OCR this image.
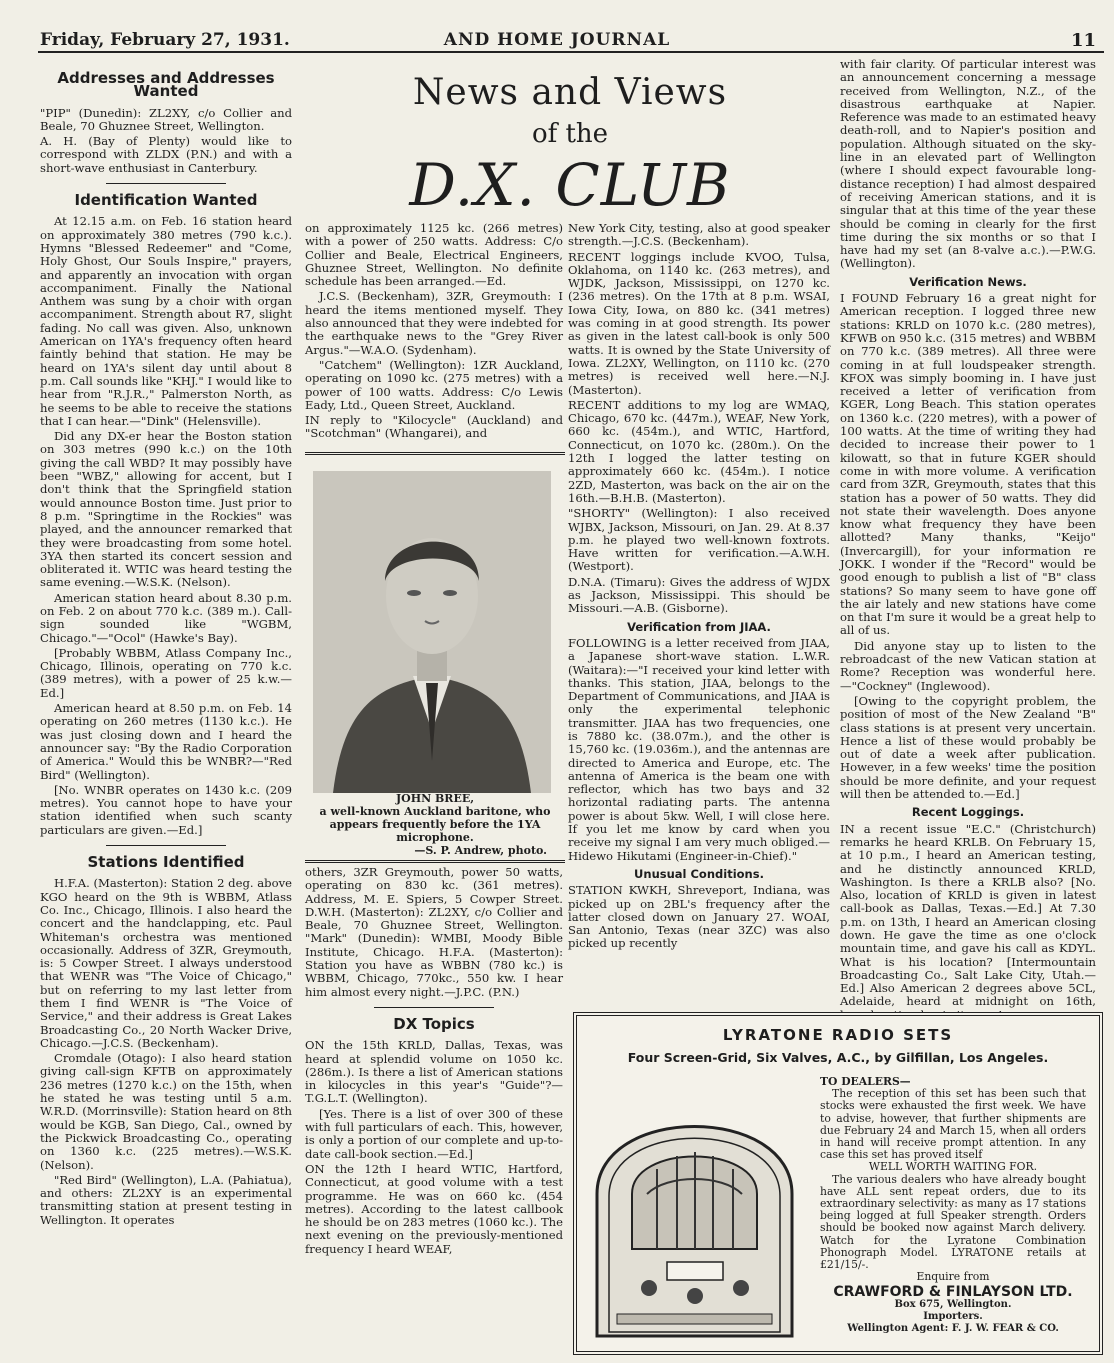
Friday, February 27, 1931.	AND HOME JOURNAL	11
Addresses and Addresses Wanted

"PIP" (Dunedin): ZL2XY, c/o Collier and Beale, 70 Ghuznee Street, Wellington.

A. H. (Bay of Plenty) would like to correspond with ZLDX (P.N.) and with a short-wave enthusiast in Canterbury.

Identification Wanted

At 12.15 a.m. on Feb. 16 station heard on approximately 380 metres (790 k.c.). Hymns "Blessed Redeemer" and "Come, Holy Ghost, Our Souls Inspire," prayers, and apparently an invocation with organ accompaniment. Finally the National Anthem was sung by a choir with organ accompaniment. Strength about R7, slight fading. No call was given. Also, unknown American on 1YA's frequency often heard faintly behind that station. He may be heard on 1YA's silent day until about 8 p.m. Call sounds like "KHJ." I would like to hear from "R.J.R.," Palmerston North, as he seems to be able to receive the stations that I can hear.—"Dink" (Helensville).

Did any DX-er hear the Boston station on 303 metres (990 k.c.) on the 10th giving the call WBD? It may possibly have been "WBZ," allowing for accent, but I don't think that the Springfield station would announce Boston time. Just prior to 8 p.m. "Springtime in the Rockies" was played, and the announcer remarked that they were broadcasting from some hotel. 3YA then started its concert session and obliterated it. WTIC was heard testing the same evening.—W.S.K. (Nelson).

American station heard about 8.30 p.m. on Feb. 2 on about 770 k.c. (389 m.). Call-sign sounded like "WGBM, Chicago."—"Ocol" (Hawke's Bay).

[Probably WBBM, Atlass Company Inc., Chicago, Illinois, operating on 770 k.c. (389 metres), with a power of 25 k.w.—Ed.]

American heard at 8.50 p.m. on Feb. 14 operating on 260 metres (1130 k.c.). He was just closing down and I heard the announcer say: "By the Radio Corporation of America." Would this be WNBR?—"Red Bird" (Wellington).

[No. WNBR operates on 1430 k.c. (209 metres). You cannot hope to have your station identified when such scanty particulars are given.—Ed.]

Stations Identified

H.F.A. (Masterton): Station 2 deg. above KGO heard on the 9th is WBBM, Atlass Co. Inc., Chicago, Illinois. I also heard the concert and the handclapping, etc. Paul Whiteman's orchestra was mentioned occasionally. Address of 3ZR, Greymouth, is: 5 Cowper Street. I always understood that WENR was "The Voice of Chicago," but on referring to my last letter from them I find WENR is "The Voice of Service," and their address is Great Lakes Broadcasting Co., 20 North Wacker Drive, Chicago.—J.C.S. (Beckenham).

Cromdale (Otago): I also heard station giving call-sign KFTB on approximately 236 metres (1270 k.c.) on the 15th, when he stated he was testing until 5 a.m. W.R.D. (Morrinsville): Station heard on 8th would be KGB, San Diego, Cal., owned by the Pickwick Broadcasting Co., operating on 1360 k.c. (225 metres).—W.S.K. (Nelson).

"Red Bird" (Wellington), L.A. (Pahiatua), and others: ZL2XY is an experimental transmitting station at present testing in Wellington. It operates

News and Views
of the
D.X. CLUB

on approximately 1125 kc. (266 metres) with a power of 250 watts. Address: C/o Collier and Beale, Electrical Engineers, Ghuznee Street, Wellington. No definite schedule has been arranged.—Ed.

J.C.S. (Beckenham), 3ZR, Greymouth: I heard the items mentioned myself. They also announced that they were indebted for the earthquake news to the "Grey River Argus."—W.A.O. (Sydenham).

"Catchem" (Wellington): 1ZR Auckland, operating on 1090 kc. (275 metres) with a power of 100 watts. Address: C/o Lewis Eady, Ltd., Queen Street, Auckland.

IN reply to "Kilocycle" (Auckland) and "Scotchman" (Whangarei), and

JOHN BREE,
a well-known Auckland baritone, who appears frequently before the 1YA microphone.
—S. P. Andrew, photo.

others, 3ZR Greymouth, power 50 watts, operating on 830 kc. (361 metres). Address, M. E. Spiers, 5 Cowper Street. D.W.H. (Masterton): ZL2XY, c/o Collier and Beale, 70 Ghuznee Street, Wellington. "Mark" (Dunedin): WMBI, Moody Bible Institute, Chicago. H.F.A. (Masterton): Station you have as WBBN (780 kc.) is WBBM, Chicago, 770kc., 550 kw. I hear him almost every night.—J.P.C. (P.N.)

DX Topics

ON the 15th KRLD, Dallas, Texas, was heard at splendid volume on 1050 kc. (286m.). Is there a list of American stations in kilocycles in this year's "Guide"?—T.G.L.T. (Wellington).

[Yes. There is a list of over 300 of these with full particulars of each. This, however, is only a portion of our complete and up-to-date call-book section.—Ed.]

ON the 12th I heard WTIC, Hartford, Connecticut, at good volume with a test programme. He was on 660 kc. (454 metres). According to the latest callbook he should be on 283 metres (1060 kc.). The next evening on the previously-mentioned frequency I heard WEAF,

New York City, testing, also at good speaker strength.—J.C.S. (Beckenham).

RECENT loggings include KVOO, Tulsa, Oklahoma, on 1140 kc. (263 metres), and WJDK, Jackson, Mississippi, on 1270 kc. (236 metres). On the 17th at 8 p.m. WSAI, Iowa City, Iowa, on 880 kc. (341 metres) was coming in at good strength. Its power as given in the latest call-book is only 500 watts. It is owned by the State University of Iowa. ZL2XY, Wellington, on 1110 kc. (270 metres) is received well here.—N.J. (Masterton).

RECENT additions to my log are WMAQ, Chicago, 670 kc. (447m.), WEAF, New York, 660 kc. (454m.), and WTIC, Hartford, Connecticut, on 1070 kc. (280m.). On the 12th I logged the latter testing on approximately 660 kc. (454m.). I notice 2ZD, Masterton, was back on the air on the 16th.—B.H.B. (Masterton).

"SHORTY" (Wellington): I also received WJBX, Jackson, Missouri, on Jan. 29. At 8.37 p.m. he played two well-known foxtrots. Have written for verification.—A.W.H. (Westport).

D.N.A. (Timaru): Gives the address of WJDX as Jackson, Mississippi. This should be Missouri.—A.B. (Gisborne).

Verification from JIAA.

FOLLOWING is a letter received from JIAA, a Japanese short-wave station. L.W.R. (Waitara):—"I received your kind letter with thanks. This station, JIAA, belongs to the Department of Communications, and JIAA is only the experimental telephonic transmitter. JIAA has two frequencies, one is 7880 kc. (38.07m.), and the other is 15,760 kc. (19.036m.), and the antennas are directed to America and Europe, etc. The antenna of America is the beam one with reflector, which has two bays and 32 horizontal radiating parts. The antenna power is about 5kw. Well, I will close here. If you let me know by card when you receive my signal I am very much obliged.—Hidewo Hikutami (Engineer-in-Chief)."

Unusual Conditions.

STATION KWKH, Shreveport, Indiana, was picked up on 2BL's frequency after the latter closed down on January 27. WOAI, San Antonio, Texas (near 3ZC) was also picked up recently

with fair clarity. Of particular interest was an announcement concerning a message received from Wellington, N.Z., of the disastrous earthquake at Napier. Reference was made to an estimated heavy death-roll, and to Napier's position and population. Although situated on the sky-line in an elevated part of Wellington (where I should expect favourable long-distance reception) I had almost despaired of receiving American stations, and it is singular that at this time of the year these should be coming in clearly for the first time during the six months or so that I have had my set (an 8-valve a.c.).—P.W.G. (Wellington).

Verification News.

I FOUND February 16 a great night for American reception. I logged three new stations: KRLD on 1070 k.c. (280 metres), KFWB on 950 k.c. (315 metres) and WBBM on 770 k.c. (389 metres). All three were coming in at full loudspeaker strength. KFOX was simply booming in. I have just received a letter of verification from KGER, Long Beach. This station operates on 1360 k.c. (220 metres), with a power of 100 watts. At the time of writing they had decided to increase their power to 1 kilowatt, so that in future KGER should come in with more volume. A verification card from 3ZR, Greymouth, states that this station has a power of 50 watts. They did not state their wavelength. Does anyone know what frequency they have been allotted? Many thanks, "Keijo" (Invercargill), for your information re JOKK. I wonder if the "Record" would be good enough to publish a list of "B" class stations? So many seem to have gone off the air lately and new stations have come on that I'm sure it would be a great help to all of us.

Did anyone stay up to listen to the rebroadcast of the new Vatican station at Rome? Reception was wonderful here.—"Cockney" (Inglewood).

[Owing to the copyright problem, the position of most of the New Zealand "B" class stations is at present very uncertain. Hence a list of these would probably be out of date a week after publication. However, in a few weeks' time the position should be more definite, and your request will then be attended to.—Ed.]

Recent Loggings.

IN a recent issue "E.C." (Christchurch) remarks he heard KRLB. On February 15, at 10 p.m., I heard an American testing, and he distinctly announced KRLD, Washington. Is there a KRLB also? [No. Also, location of KRLD is given in latest call-book as Dallas, Texas.—Ed.] At 7.30 p.m. on 13th, I heard an American closing down. He gave the time as one o'clock mountain time, and gave his call as KDYL. What is his location? [Intermountain Broadcasting Co., Salt Lake City, Utah.—Ed.] Also American 2 degrees above 5CL, Adelaide, heard at midnight on 16th,

LYRATONE RADIO SETS
Four Screen-Grid, Six Valves, A.C., by Gilfillan, Los Angeles.

TO DEALERS—

The reception of this set has been such that stocks were exhausted the first week. We have to advise, however, that further shipments are due February 24 and March 15, when all orders in hand will receive prompt attention. In any case this set has proved itself

WELL WORTH WAITING FOR.

The various dealers who have already bought have ALL sent repeat orders, due to its extraordinary selectivity: as many as 17 stations being logged at full Speaker strength. Orders should be booked now against March delivery. Watch for the Lyratone Combination Phonograph Model. LYRATONE retails at £21/15/-.

Enquire from

CRAWFORD & FINLAYSON LTD.
Box 675, Wellington.
Importers.
Wellington Agent: F. J. W. FEAR & CO.
